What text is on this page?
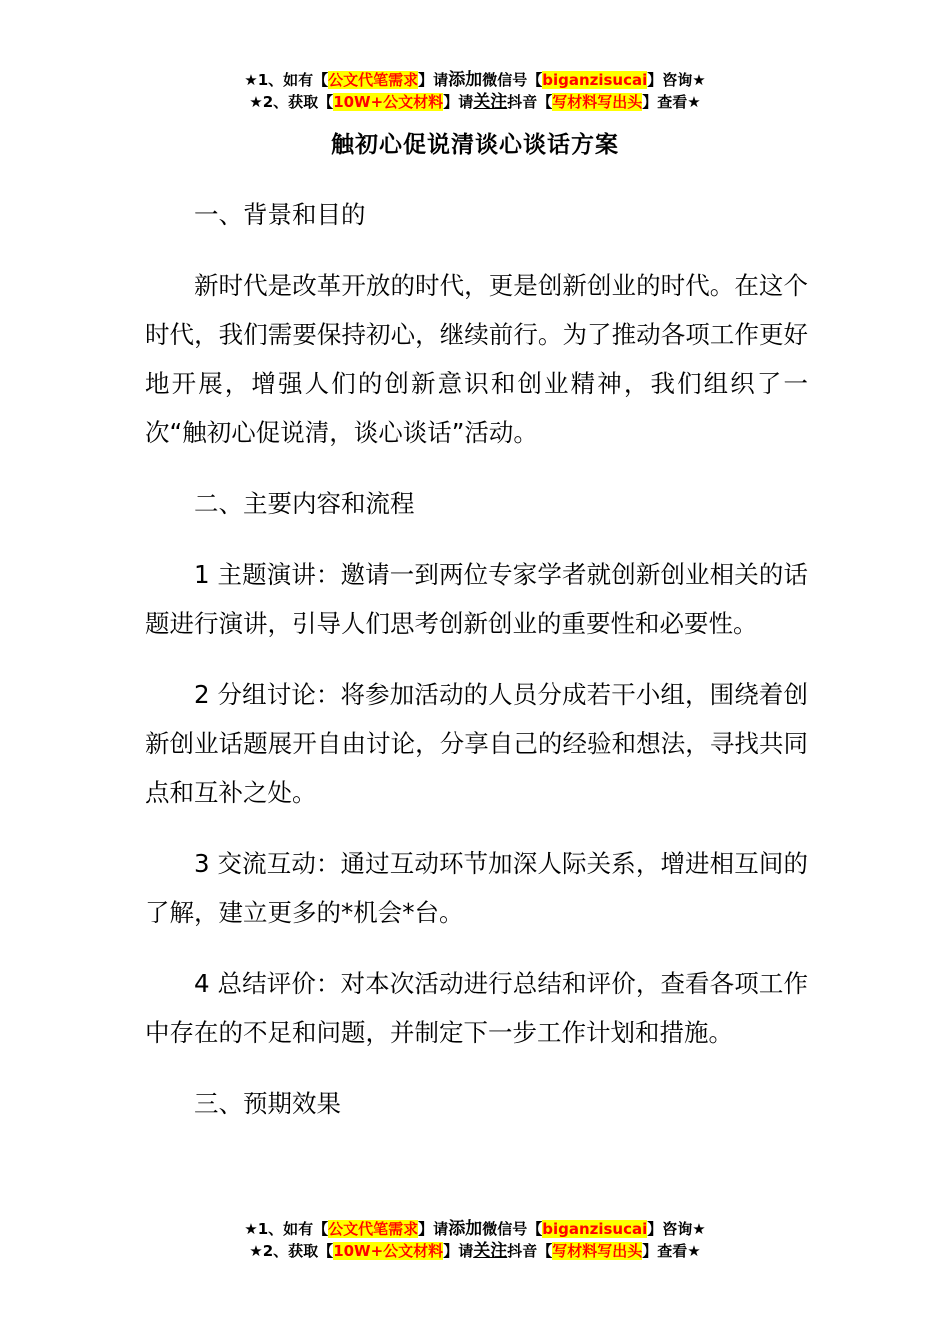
★1、如有【公文代笔需求】请添加微信号【biganzisucai】咨询★
★2、获取【10W+公文材料】请关注抖音【写材料写出头】查看★
触初心促说清谈心谈话方案

一、背景和目的

新时代是改革开放的时代，更是创新创业的时代。在这个时代，我们需要保持初心，继续前行。为了推动各项工作更好地开展，增强人们的创新意识和创业精神，我们组织了一次“触初心促说清，谈心谈话”活动。

二、主要内容和流程

1 主题演讲：邀请一到两位专家学者就创新创业相关的话题进行演讲，引导人们思考创新创业的重要性和必要性。

2 分组讨论：将参加活动的人员分成若干小组，围绕着创新创业话题展开自由讨论，分享自己的经验和想法，寻找共同点和互补之处。

3 交流互动：通过互动环节加深人际关系，增进相互间的了解，建立更多的*机会*台。

4 总结评价：对本次活动进行总结和评价，查看各项工作中存在的不足和问题，并制定下一步工作计划和措施。

三、预期效果

★1、如有【公文代笔需求】请添加微信号【biganzisucai】咨询★
★2、获取【10W+公文材料】请关注抖音【写材料写出头】查看★
